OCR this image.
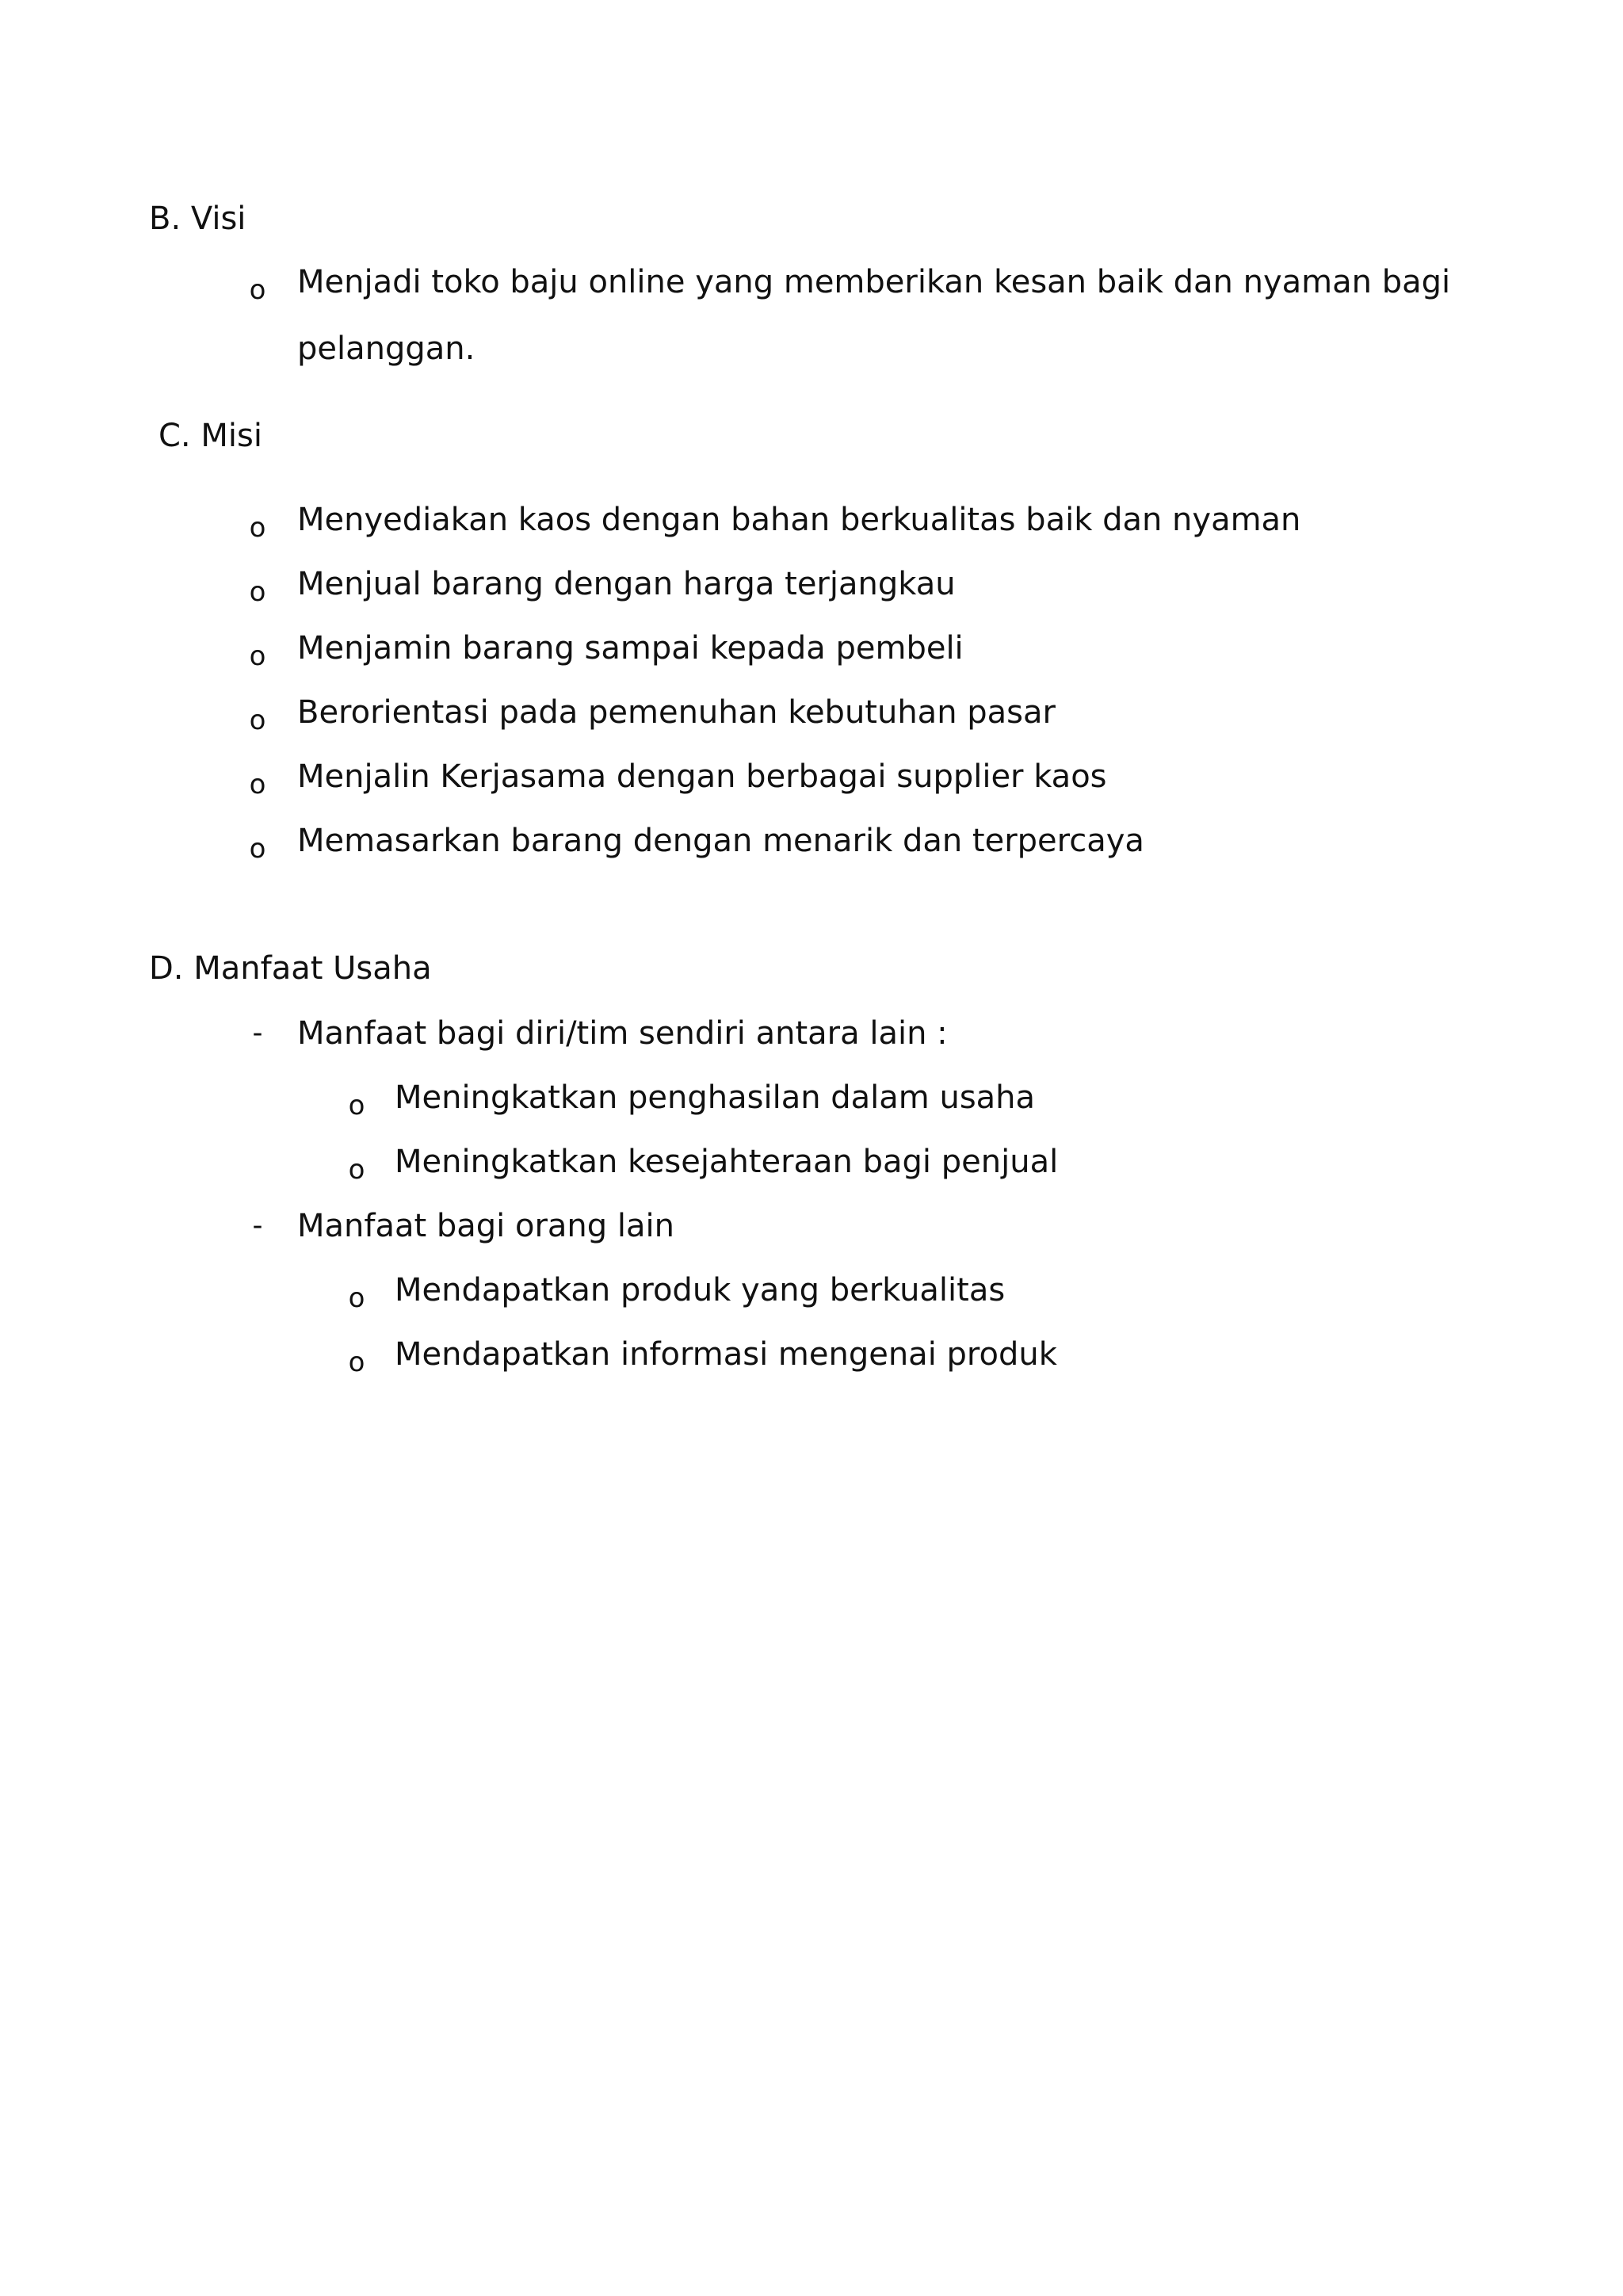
B. Visi
o Menjadi toko baju online yang memberikan kesan baik dan nyaman bagi
pelanggan.
C. Misi
o Menyediakan kaos dengan bahan berkualitas baik dan nyaman
o Menjual barang dengan harga terjangkau
o Menjamin barang sampai kepada pembeli
o Berorientasi pada pemenuhan kebutuhan pasar
o Menjalin Kerjasama dengan berbagai supplier kaos
o Memasarkan barang dengan menarik dan terpercaya
D. Manfaat Usaha
-	Manfaat bagi diri/tim sendiri antara lain :
o Meningkatkan penghasilan dalam usaha
o Meningkatkan kesejahteraan bagi penjual
-	Manfaat bagi orang lain
o Mendapatkan produk yang berkualitas
o Mendapatkan informasi mengenai produk
